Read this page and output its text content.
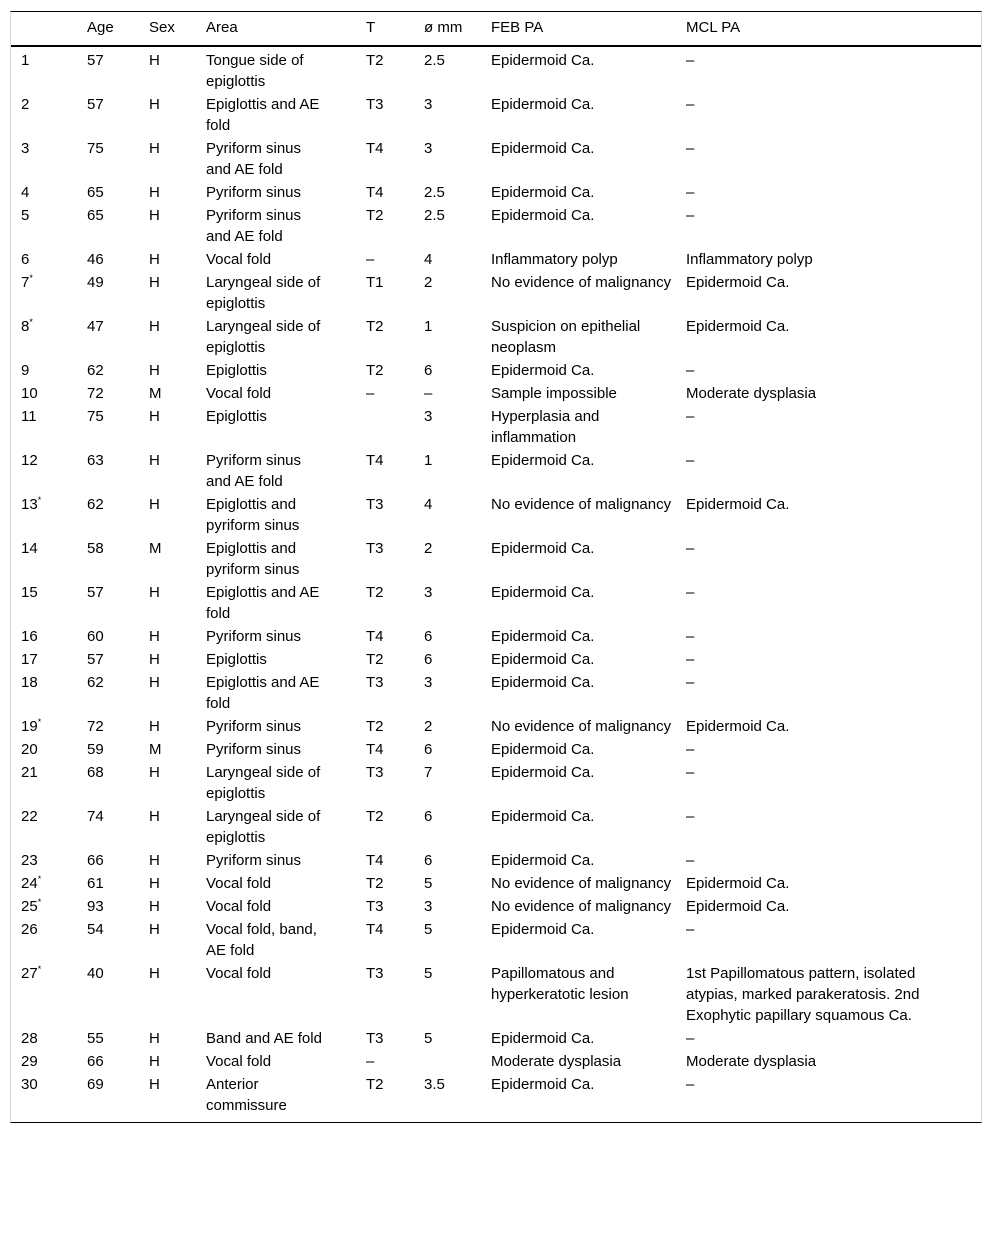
	Age	Sex	Area	T	ø mm	FEB PA	MCL PA
1	57	H	Tongue side of epiglottis	T2	2.5	Epidermoid Ca.	–
2	57	H	Epiglottis and AE fold	T3	3	Epidermoid Ca.	–
3	75	H	Pyriform sinus and AE fold	T4	3	Epidermoid Ca.	–
4	65	H	Pyriform sinus	T4	2.5	Epidermoid Ca.	–
5	65	H	Pyriform sinus and AE fold	T2	2.5	Epidermoid Ca.	–
6	46	H	Vocal fold	–	4	Inflammatory polyp	Inflammatory polyp
7*	49	H	Laryngeal side of epiglottis	T1	2	No evidence of malignancy	Epidermoid Ca.
8*	47	H	Laryngeal side of epiglottis	T2	1	Suspicion on epithelial neoplasm	Epidermoid Ca.
9	62	H	Epiglottis	T2	6	Epidermoid Ca.	–
10	72	M	Vocal fold	–	–	Sample impossible	Moderate dysplasia
11	75	H	Epiglottis		3	Hyperplasia and inflammation	–
12	63	H	Pyriform sinus and AE fold	T4	1	Epidermoid Ca.	–
13*	62	H	Epiglottis and pyriform sinus	T3	4	No evidence of malignancy	Epidermoid Ca.
14	58	M	Epiglottis and pyriform sinus	T3	2	Epidermoid Ca.	–
15	57	H	Epiglottis and AE fold	T2	3	Epidermoid Ca.	–
16	60	H	Pyriform sinus	T4	6	Epidermoid Ca.	–
17	57	H	Epiglottis	T2	6	Epidermoid Ca.	–
18	62	H	Epiglottis and AE fold	T3	3	Epidermoid Ca.	–
19*	72	H	Pyriform sinus	T2	2	No evidence of malignancy	Epidermoid Ca.
20	59	M	Pyriform sinus	T4	6	Epidermoid Ca.	–
21	68	H	Laryngeal side of epiglottis	T3	7	Epidermoid Ca.	–
22	74	H	Laryngeal side of epiglottis	T2	6	Epidermoid Ca.	–
23	66	H	Pyriform sinus	T4	6	Epidermoid Ca.	–
24*	61	H	Vocal fold	T2	5	No evidence of malignancy	Epidermoid Ca.
25*	93	H	Vocal fold	T3	3	No evidence of malignancy	Epidermoid Ca.
26	54	H	Vocal fold, band, AE fold	T4	5	Epidermoid Ca.	–
27*	40	H	Vocal fold	T3	5	Papillomatous and hyperkeratotic lesion	1st Papillomatous pattern, isolated atypias, marked parakeratosis. 2nd Exophytic papillary squamous Ca.
28	55	H	Band and AE fold	T3	5	Epidermoid Ca.	–
29	66	H	Vocal fold	–		Moderate dysplasia	Moderate dysplasia
30	69	H	Anterior commissure	T2	3.5	Epidermoid Ca.	–
